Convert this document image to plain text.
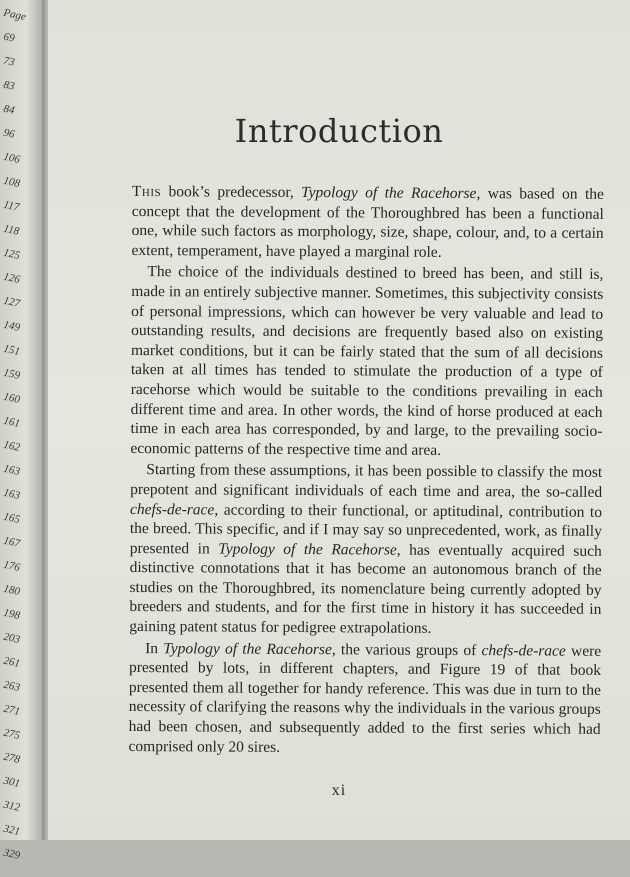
Page
69
73
83
84
96
106
108
117
118
125
126
127
149
151
159
160
161
162
163
163
165
167
176
180
198
203
261
263
271
275
278
301
312
321
329
Introduction

This book’s predecessor, Typology of the Racehorse, was based on the concept that the development of the Thoroughbred has been a functional one, while such factors as morphology, size, shape, colour, and, to a certain extent, temperament, have played a marginal role.

The choice of the individuals destined to breed has been, and still is, made in an entirely subjective manner. Sometimes, this subjectivity consists of personal impressions, which can however be very valuable and lead to outstanding results, and decisions are frequently based also on existing market conditions, but it can be fairly stated that the sum of all decisions taken at all times has tended to stimulate the production of a type of racehorse which would be suitable to the conditions prevailing in each different time and area. In other words, the kind of horse produced at each time in each area has corresponded, by and large, to the prevailing socio-economic patterns of the respective time and area.

Starting from these assumptions, it has been possible to classify the most prepotent and significant individuals of each time and area, the so-called chefs-de-race, according to their functional, or aptitudinal, contribution to the breed. This specific, and if I may say so unprecedented, work, as finally presented in Typology of the Racehorse, has eventually acquired such distinctive connotations that it has become an autonomous branch of the studies on the Thoroughbred, its nomenclature being currently adopted by breeders and students, and for the first time in history it has succeeded in gaining patent status for pedigree extrapolations.

In Typology of the Racehorse, the various groups of chefs-de-race were presented by lots, in different chapters, and Figure 19 of that book presented them all together for handy reference. This was due in turn to the necessity of clarifying the reasons why the individuals in the various groups had been chosen, and subsequently added to the first series which had comprised only 20 sires.

xi
